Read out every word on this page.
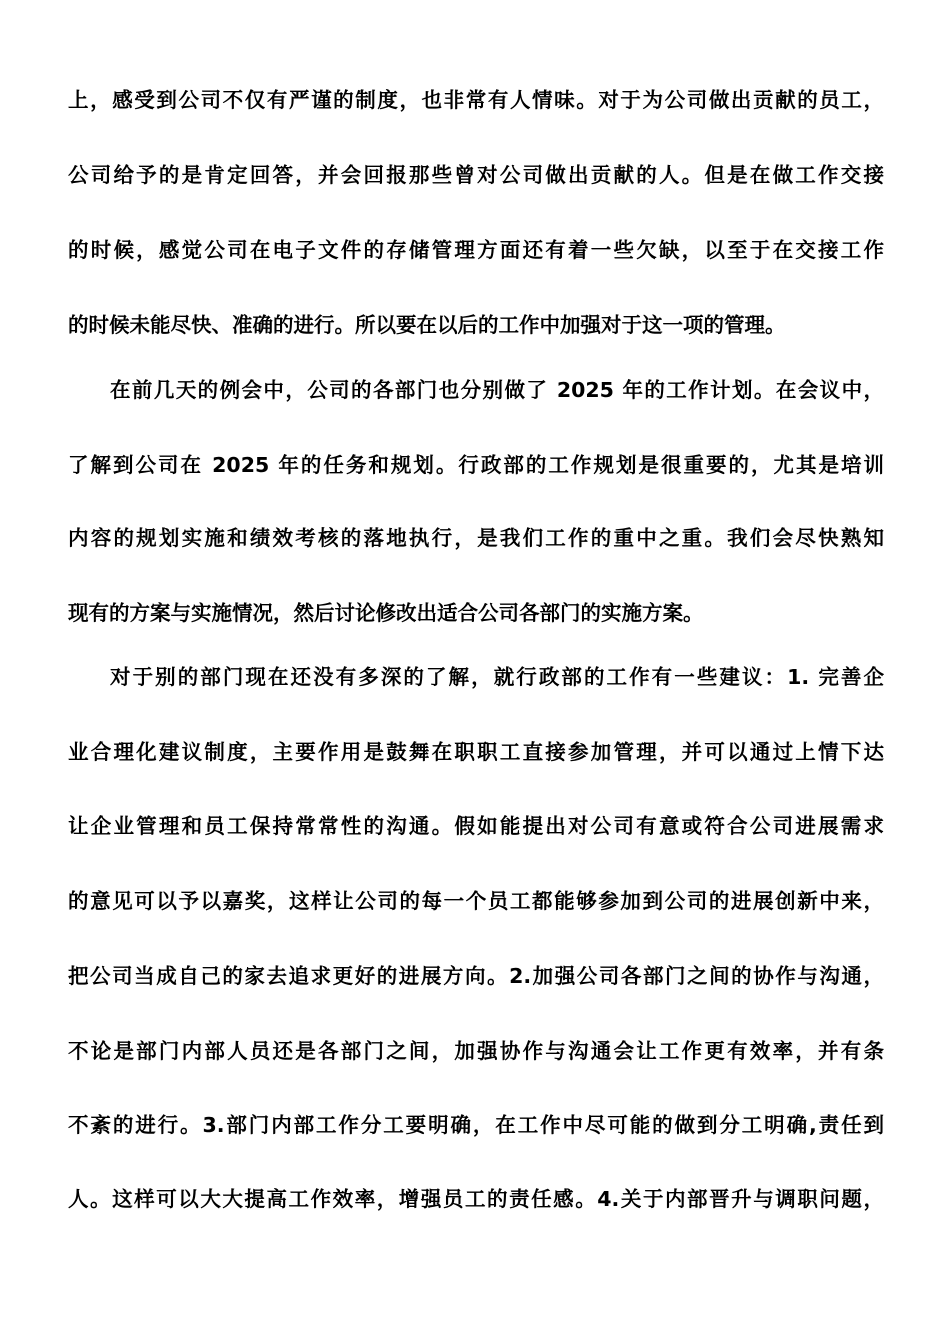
上，感受到公司不仅有严谨的制度，也非常有人情味。对于为公司做出贡献的员工，
公司给予的是肯定回答，并会回报那些曾对公司做出贡献的人。但是在做工作交接
的时候，感觉公司在电子文件的存储管理方面还有着一些欠缺，以至于在交接工作
的时候未能尽快、准确的进行。所以要在以后的工作中加强对于这一项的管理。
在前几天的例会中，公司的各部门也分别做了 2025 年的工作计划。在会议中，
了解到公司在 2025 年的任务和规划。行政部的工作规划是很重要的，尤其是培训
内容的规划实施和绩效考核的落地执行，是我们工作的重中之重。我们会尽快熟知
现有的方案与实施情况，然后讨论修改出适合公司各部门的实施方案。
对于别的部门现在还没有多深的了解，就行政部的工作有一些建议：1. 完善企
业合理化建议制度，主要作用是鼓舞在职职工直接参加管理，并可以通过上情下达
让企业管理和员工保持常常性的沟通。假如能提出对公司有意或符合公司进展需求
的意见可以予以嘉奖，这样让公司的每一个员工都能够参加到公司的进展创新中来，
把公司当成自己的家去追求更好的进展方向。2.加强公司各部门之间的协作与沟通，
不论是部门内部人员还是各部门之间，加强协作与沟通会让工作更有效率，并有条
不紊的进行。3.部门内部工作分工要明确，在工作中尽可能的做到分工明确,责任到
人。这样可以大大提高工作效率，增强员工的责任感。4.关于内部晋升与调职问题，
